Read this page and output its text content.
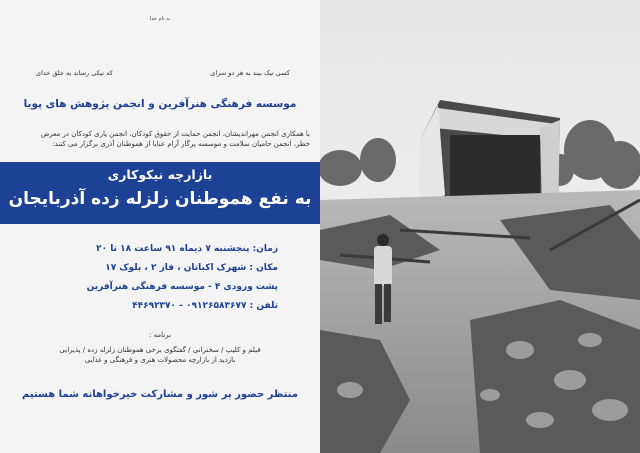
به نام خدا
کسی نیک بیند به هر دو سرای
که نیکی رساند به خلق خدای
موسسه فرهنگی هنرآفرین و انجمن پژوهش های پویا
با همکاری انجمن مهراندیشان، انجمن حمایت از حقوق کودکان، انجمن یاری کودکان در معرض
خطر، انجمن حامیان سلامت و موسسه پرگار آرام عنایا از هموطنان آذری برگزار می کنند:
بازارچه نیکوکاری
به نفع هموطنان زلزله زده آذربایجان
زمان: پنجشنبه ۷ دیماه ۹۱ ساعت ۱۸ تا ۲۰
مکان : شهرک اکباتان ، فاز ۲ ، بلوک ۱۷
پشت ورودی ۴ - موسسه فرهنگی هنرآفرین
تلفن : ۰۹۱۲۶۵۸۳۶۷۷ - ۴۴۶۹۲۳۷۰
برنامه :
فیلم و کلیپ / سخنرانی / گفتگوی برخی هموطنان زلزله زده / پذیرایی
بازدید از بازارچه محصولات هنری و فرهنگی و غذایی
منتظر حضور پر شور و مشارکت خیرخواهانه شما هستیم
